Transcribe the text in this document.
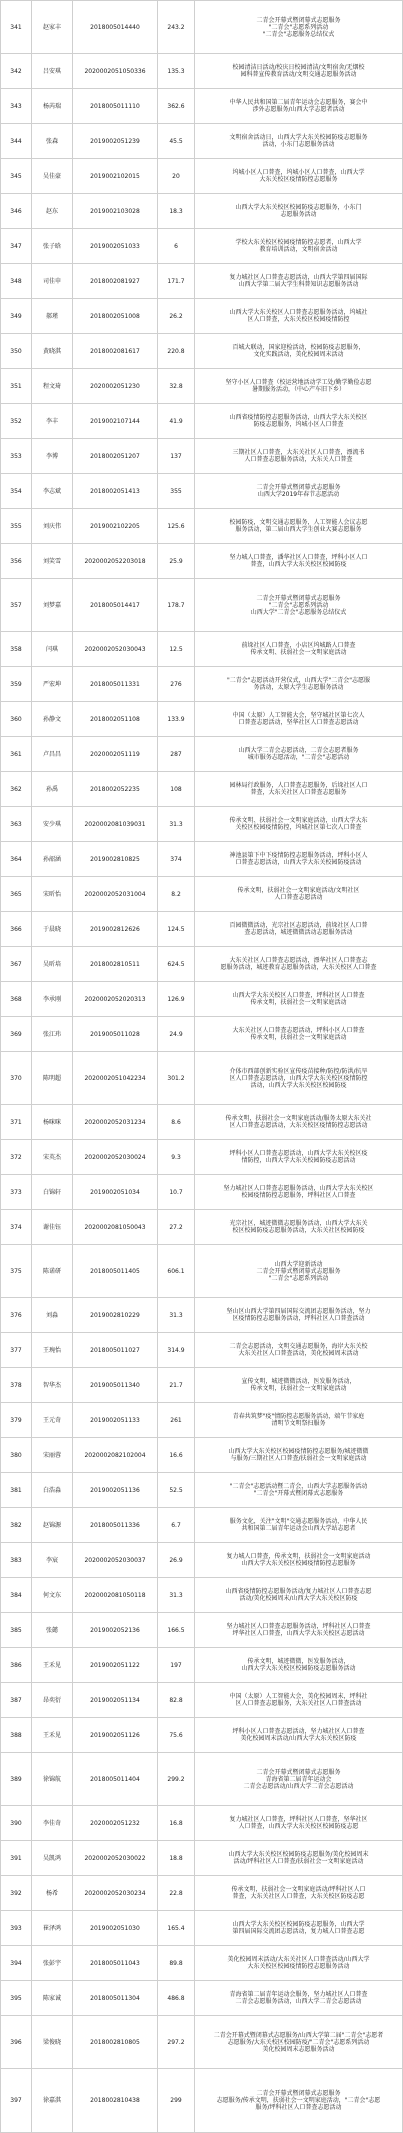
341	赵家丰	2018005014440	243.2	二青会开幕式暨闭幕式志愿服务
"二青会"志愿系列活动
"二青会"志愿服务总结仪式

342	吕安琪	2020002051050336	135.3	校园清洁日活动/校庆日校园清洁/文明宿舍/无烟校
园科普宣传教育活动/文明交通志愿服务活动

343	杨芮瑞	2018005011110	362.6	中华人民共和国第二届青年运动会志愿服务，赛会中
涉外志愿服务/山西大学志愿者活动

344	张森	2019002051239	45.5	文明宿舍活动日，山西大学大东关校园防疫志愿服务
活动，小东门志愿服务活动

345	吴佳豪	2019002102015	20	坞城小区人口普查，坞城小区人口普查，山西大学
大东关校区疫情防控志愿服务

346	赵东	2019002103028	18.3	山西大学大东关校区校园防疫志愿服务，小东门
志愿服务活动

347	张子晗	2019002051033	6	学校大东关校区校园疫情防控志愿者，山西大学
教育培训活动，文明宿舍活动

348	司佳申	2018002081927	171.7	复力城社区人口普查志愿活动，山西大学第四届国际
山西大学第二届大学生科普知识志愿服务活动

349	郝瑾	2018002051008	26.2	山西大学大东关校区人口普查志愿服务活动，坞城社
区人口普查，大东关校区校园疫情防控

350	黄晓淇	2018002081617	220.8	百城大联动，国家迎检活动，校园防疫志愿服务，
文化实践活动，美化校园周末活动

351	程文琦	2020002051230	32.8	坚守小区人口普查（校运营地活动学工处/勤学勤俭志愿
暑期服务活动，（中心产车旧下乡）

352	李丰	2019002107144	41.9	山西省疫情防控志愿服务活动，山西大学大东关校区
防疫志愿服务，坞城小区人口普查

353	李博	2018002051207	137	三期社区人口普查，大东关社区人口普查，漂流书
人口普查志愿服务活动，大东关人口普查

354	李志斌	2018002051413	355	二青会开幕式暨闭幕式志愿服务
山西大学2019年春节志愿活动

355	刘庆伟	2019002102205	125.6	校园防疫，文明交通志愿服务，人工智能人会议志愿
服务活动，第二届山西大学生创业大赛志愿服务

356	刘笑雪	2020002052203018	25.9	坚力城人口普查，潘华社区人口普查，坪科小区人口
普查，山西大学大东关校区校园防疫

357	刘梦嘉	2018005014417	178.7	二青会开幕式暨闭幕式志愿服务
"二青会"志愿系列活动
山西大学"二青会"志愿服务总结仪式

358	闫琪	2020002052030043	12.5	前垛社区人口普查，小店区坞城路人口普查
传承文明、扶弱社会一文明家庭活动

359	严宏坤	2018005011331	276	"二青会"志愿活动开营仪式，山西大学"二青会"志愿服
务活动，太原大学生志愿服务活动

360	孙静文	2018002051108	133.9	中国（太原）人工智能大会，坚守城社区第七次人
口普查志愿活动，坚华社区人口普查志愿活动

361	卢昌昌	2020002051119	287	山西大学二青会志愿活动，二青会志愿者服务
城市服务志愿活动，"二青会"志愿活动

362	孙禹	2018002052235	108	园林局行政服务，人口普查志愿服务，后垛社区人口
普查，大东关社区人口普查志愿服务

363	安少琪	2020002081039031	31.3	传承文明、扶弱社会一文明家庭活动，山西大学大东
关校区校园疫情防控，坞城社区第七次人口普查

364	孙韶涵	2019002810825	374	神池县第下中下疫情防控志愿服务活动，坪科小区人
口普查志愿活动，山西大学大东关校园防疫活动

365	宋昕怡	2020002052031004	8.2	传承文明，扶弱社会一文明家庭活动/文明社区
人口普查志愿活动

366	于晨晓	2019002812626	124.5	百园微微活动，光宗社区志愿活动，前垛社区人口普
查志愿活动，城迹微微活动志愿服务活动

367	吴昕培	2018002810511	624.5	大东关社区人口普查志愿活动，漂华社区人口普查志
愿服务活动，城迹教育志愿服务活动，大东关校区人口普查

368	李承刚	2020002052020313	126.9	山西大学大东关校区人口普查，坪科社区人口普查
传承文明，扶弱社会一文明家庭活动

369	张江玮	2019005011028	24.9	大东关社区人口普查志愿活动，坪科小区人口普查
传承文明，扶弱社会一文明家庭活动

370	陈明超	2020002051042234	301.2	介体市西部创新实验区宣传疫苗接种/防控/防洪/抗旱
区人口普查志愿活动，山西大学大东关校区疫情防控
活动，山西大学大东关校区校园防疫

371	杨咪咪	2020002052031234	8.6	传承文明，扶弱社会一文明家庭活动/服务太原大东关社
区人口普查志愿活动，大东关校区疫情防控志愿活动

372	宋英杰	2020002052030024	9.3	坪科小区人口普查志愿活动，山西大学大东关校区疫
情防控，山西大学大东关校园防疫志愿活动

373	白锦轩	2019002051034	10.7	坚力城社区人口普查志愿服务活动，山西大学大东关校区
校园疫情防控志愿服务，坪科社区人口普查

374	谢佳钰	2020002081050043	27.2	光宗社区，城迹微微志愿服务活动，山西大学大东关
校区校园防疫志愿服务活动，大东关社区校园防疫

375	陈诺研	2018005011405	606.1	山西大学迎新活动
二青会开幕式暨闭幕式志愿服务
"二青会"志愿系列活动

376	刘淼	2019002810229	31.3	坚山区山西大学第四届国际交流团志愿服务活动，坚力
区疫情防控志愿服务活动，坪科社区人口普查活动

377	王琬怡	2018005011027	314.9	二青会志愿活动，文明交通志愿服务，海岸大东关校
大东关社区人口普查活动，美化校园周末活动

378	智华杰	2019005011340	21.7	宣传文明，城迹微微活动，医发服务活动，
传承文明，扶弱社会一文明家庭活动

379	王元奇	2019002051133	261	青春共筑梦"疫"情防控志愿服务活动，端午节家庭
清明节文明祭扫服务

380	宋丽蓉	2020002082102004	16.6	山西大学大东关校区校园疫情防控志愿服务/城迹微微
与服务/三期社区人口普查/扶弱社会一文明家庭活动

381	白浩淼	2019002051136	52.5	"二青会"志愿活动暨二青会，山西大学志愿服务活动
"二青会"开幕式暨闭幕式志愿服务

382	赵锦源	2018005011336	6.7	服务文化，关注"文明"交通志愿服务活动，中华人民
共和国第二届青年运动会山西大学站志愿者

383	李宸	2020002052030037	26.9	复力城人口普查，传承文明，扶弱社会一文明家庭活动
山西大学大东关校区校园疫情防控志愿服务

384	何文东	2020002081050118	31.3	山西省疫情防控志愿服务活动/复力城社区人口普查志愿
活动/美化校园周末/山西大学大东关校区防疫

385	张懿	2019002052136	166.5	坚力城社区人口普查志愿服务活动，坪科社区人口普查
坪华社区人口普查，山西大学大东关校区志愿活动

386	王禾见	2019002051122	197	传承文明，城迹微微，医发服务活动，
山西大学大东关校区校园防疫志愿服务活动

387	昂奕衍	2019002051134	82.8	中国（太原）人工智能大会，美化校园周末，坪科社
区人口普查志愿服务，大东关社区人口普查活动

388	王禾见	2019002051126	75.6	坪科小区人口普查志愿活动，坚力城社区人口普查
美化校园周末活动/山西大学大东关校区防疫

389	徐锦航	2018005011404	299.2	二青会开幕式暨闭幕式志愿服务
青海省第二届青年运动会
二青会志愿活动/山西大学二青会志愿活动

390	李佳奇	2020002051232	16.8	复力城社区人口普查，坪科社区人口普查，坚华社区
人口普查，山西大学大东关校区校园防疫志愿

391	吴凯鸿	2020002052030022	18.8	山西大学大东关校区校园防疫志愿服务/美化校园周末
活动/坪科社区人口普查/扶弱社会一文明家庭活动

392	杨希	2020002052030234	22.8	传承文明，扶弱社会一文明家庭活动/坪科社区人口
普查，大东关社区人口普查，大东关校区防疫志愿

393	崔泽鸿	2019002051030	165.4	山西大学大东关校区校园防疫志愿服务，山西大学
第四届国际交流团志愿活动，复力城人口普查志愿

394	张彭宇	2018005011043	89.8	美化校园周末活动/大东关社区人口普查活动/山西大学
大东关校区校园疫情防控志愿服务活动

395	陈家诚	2018005011304	486.8	青海省第二届青年运动会服务，坚力城社区人口普查
二青会志愿服务活动，山西大学二青会志愿活动

396	梁俊晓	2018002810805	297.2	二青会开幕式暨闭幕式志愿服务/山西大学第二届"二青会"志愿者
志愿服务/大东关校区校园防疫/"二青会"志愿系列活动
美化校园周末志愿服务活动

397	徐嘉淇	2018002810438	299	二青会开幕式暨闭幕式志愿服务
志愿服务/传承文明，扶弱社会一文明家庭活动，"二青会"志愿
服务/坪科社区人口普查志愿活动
